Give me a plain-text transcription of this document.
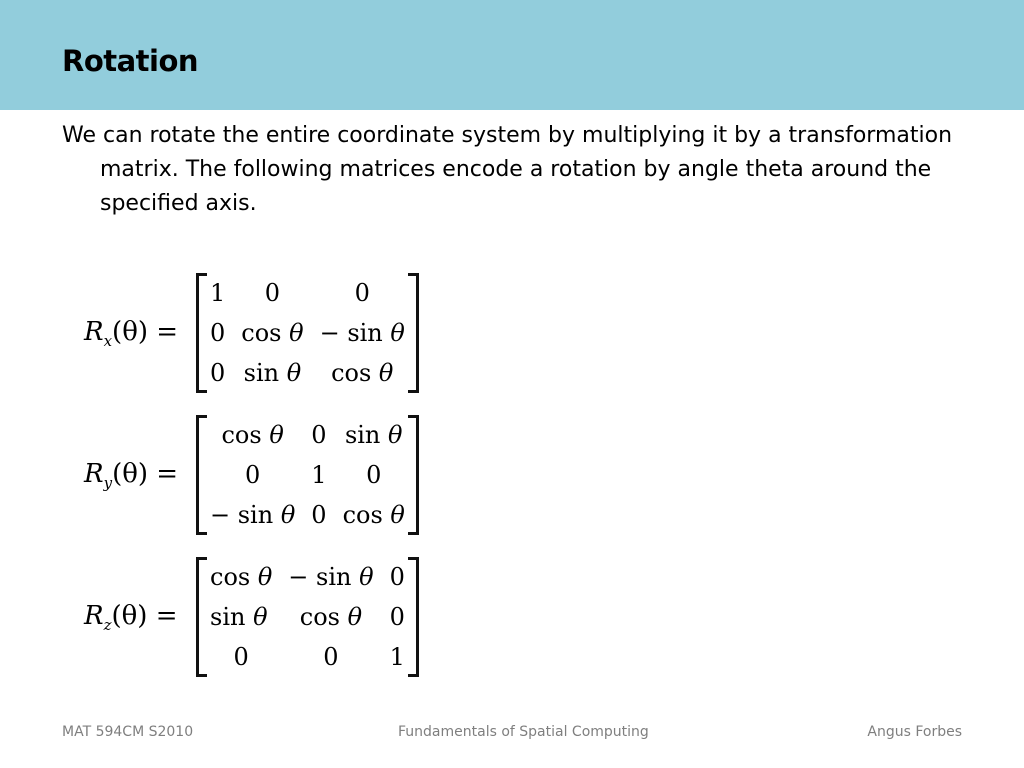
Rotation

We can rotate the entire coordinate system by multiplying it by a transformation matrix. The following matrices encode a rotation by angle theta around the specified axis.

$R_x(\theta)$ =
1	0	0
0	cos θ	− sin θ
0	sin θ	cos θ
$R_y(\theta)$ =
cos θ	0	sin θ
0	1	0
− sin θ	0	cos θ
$R_z(\theta)$ =
cos θ	− sin θ	0
sin θ	cos θ	0
0	0	1
MAT 594CM S2010	Fundamentals of Spatial Computing	Angus Forbes
